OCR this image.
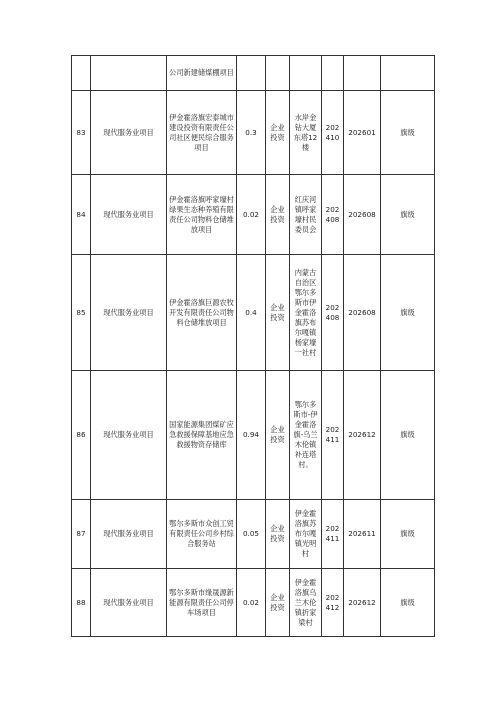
		公司新建储煤棚项目						
83	现代服务业项目	伊金霍洛旗宏泰城市建设投资有限责任公司社区便民综合服务项目	0.3	企业投资	水岸金钻大厦东塔12楼	202410	202601	旗级
84	现代服务业项目	伊金霍洛旗呼家壕村绿果生态种养殖有限责任公司物料仓储堆放项目	0.02	企业投资	红庆河镇呼家壕村民委员会	202408	202608	旗级
85	现代服务业项目	伊金霍洛旗巨源农牧开发有限责任公司物料仓储堆放项目	0.4	企业投资	内蒙古自治区鄂尔多斯市伊金霍洛旗苏布尔嘎镇杨家壕一社村	202408	202608	旗级
86	现代服务业项目	国家能源集团煤矿应急救援保障基地应急救援物资存储库	0.94	企业投资	鄂尔多斯市-伊金霍洛旗-乌兰木伦镇补连塔村。	202411	202612	旗级
87	现代服务业项目	鄂尔多斯市众创工贸有限责任公司乡村综合服务站	0.05	企业投资	伊金霍洛旗苏布尔嘎镇光明村	202411	202611	旗级
88	现代服务业项目	鄂尔多斯市缘晟源新能源有限责任公司停车场项目	0.02	企业投资	伊金霍洛旗乌兰木伦镇折家梁村	202412	202612	旗级
